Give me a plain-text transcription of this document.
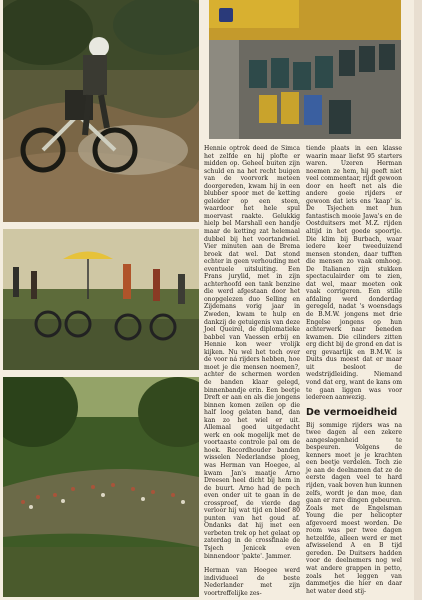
Hennie optrok deed de Simca het zelfde en hij plofte er midden op. Geheel buiten zijn schuld en na het recht buigen van de voorvork meteen doorgereden, kwam hij in een blubber spoor met de ketting geleider op een steen, waardoor het hele spul moervast raakte. Gelukkig hielp bel Marshall een handje maar de ketting zat helemaal dubbel bij het voortandwiel. Vier minuten aan de Brema broek dat wel. Dat stond echter in geen verhouding met eventuele uitsluiting. Een Frans jurylid, met in zijn achterhoofd een tank benzine die werd afgestaan door het onopgelezen duo Selling en Zijdemans vorig jaar in Zweden, kwam te hulp en dankzij de getuigenis van deze Joel Queirel, de diplomatieke babbel van Vaessen erbij en Hennie kon weer vrolijk kijken. Nu wel het toch over de voor ná rijders hebben, hoe moet je die mensen noemen?, achter de schermen worden de banden klaar gelegd, binnenbandje erin. Een beetje Dreft er aan en als die jongens binnen komen zeilen op die half loog gelaten band, dan kan zo het wiel er uit. Allemaal goed uitgedacht werk en ook mogelijk met de voortaaste controle pal om de hoek. Recordhouder banden wisselen Nederlandse ploeg, was Herman van Hoegee, al kwam Jan's maatje Arno Dreesen heel dicht bij hem in de buurt. Arno had de pech even onder uit te gaan in de crossproef, de vierde dag verloor hij wat tijd en bleef 80 punten van het goud af. Ondanks dat hij met een verbeten trek op het gelaat op zaterdag in de crossfinale de Tsjech Jenicek even binnendoor 'pakte'. Jammer.

Herman van Hoegee werd individueel de beste Nederlander met zijn voortreffelijke zes-

tiende plaats in een klasse waarin maar liefst 95 starters waren. Uzeren Herman noemen ze hem, hij geeft niet veel commentaar, rijdt gewoon door en heeft net als die andere goeie rijders er gewoon dat iets ens 'kaap' is. De Tsjechen met hun fantastisch mooie Jawa's en de Oostduitsers met M.Z. rijden altijd in het goede spoortje. Die klim bij Burbach, waar iedere keer tweeduizend mensen stonden, daar tufften die mensen zo vaak omhoog. De Italianen zijn stukken spectaculairder om te zien, dat wel, maar moeten ook vaak corrigeren. Een stille afdaling werd donderdag geregeld, nadat 's woensdags de B.M.W. jongens met drie Engelse jongens op hun achterwerk naar beneden kwamen. Die cilinders zitten erg dicht bij de grond en dat is erg gevaarlijk en B.M.W. is Duits dus moest dat er maar uit besloot de wedstrijdleiding. Niemand vond dat erg, want de kans om te gaan liggen was voor iedereen aanwezig.

De vermoeidheid

Bij sommige rijders was na twee dagen al een zekere aangeslagenheid te bespeuren. Volgens de kenners moet je je krachten een beetje verdelen. Toch zie je aan de deelnamen dat ze de eerste dagen veel te hard rijden, vaak boven hun kunnen zelfs, wordt je dan moe, dan gaan er rare dingen gebeuren. Zoals met de Engelsman Young die per helicopter afgevoerd moest worden. De room was per twee dagen hetzelfde, alleen werd er met afwisselend A en B tijd gereden. De Duitsers hadden voor de deelnemers nog wel wat andere grappen in petto, zoals het leggen van dammetjes die hier en daar het water deed stij-
